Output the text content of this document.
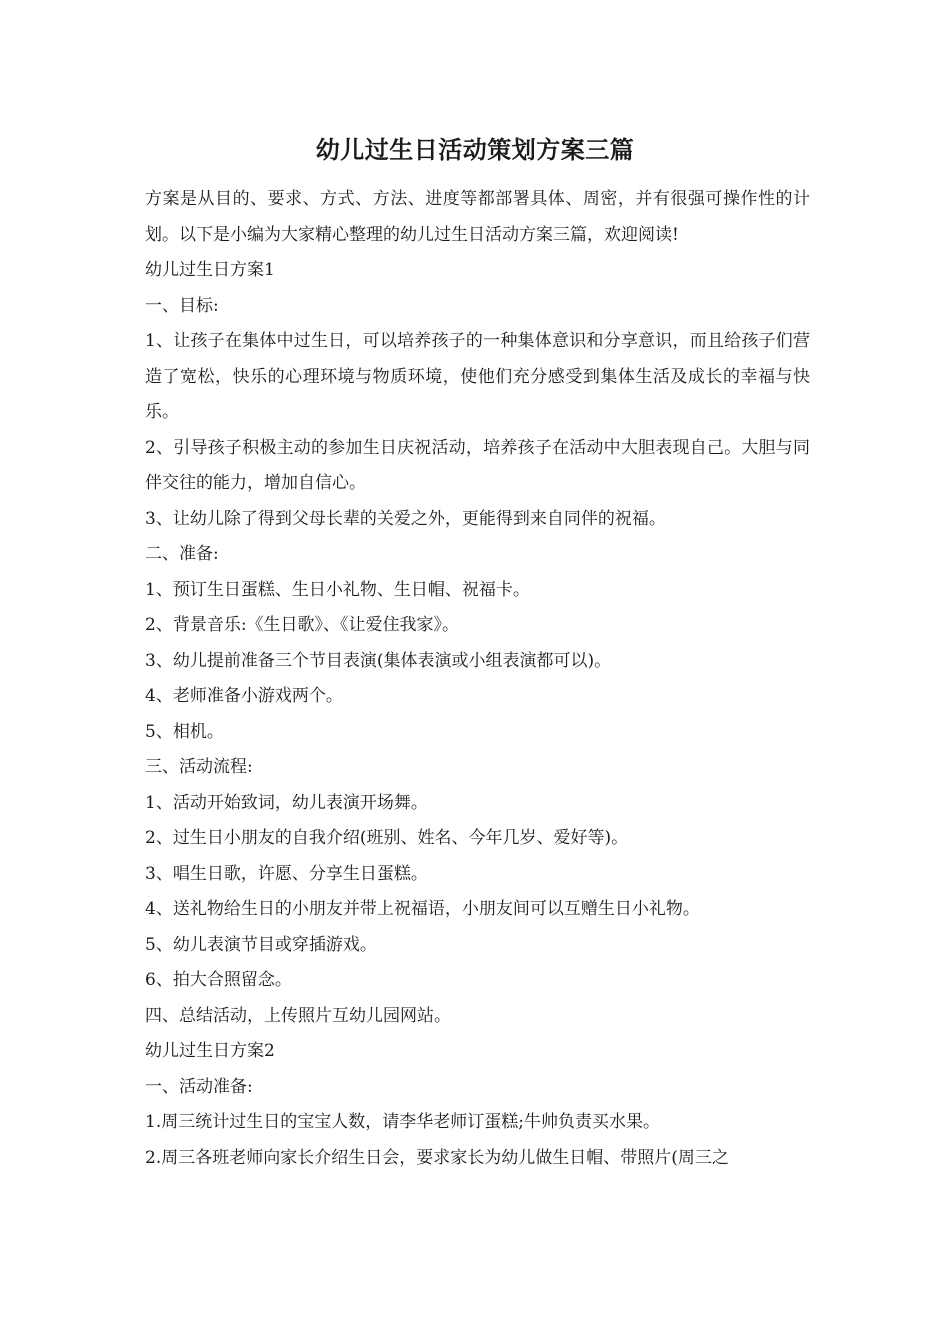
幼儿过生日活动策划方案三篇

方案是从目的、要求、方式、方法、进度等都部署具体、周密，并有很强可操作性的计划。以下是小编为大家精心整理的幼儿过生日活动方案三篇，欢迎阅读!

幼儿过生日方案1

一、目标:

1、让孩子在集体中过生日，可以培养孩子的一种集体意识和分享意识，而且给孩子们营造了宽松，快乐的心理环境与物质环境，使他们充分感受到集体生活及成长的幸福与快乐。

2、引导孩子积极主动的参加生日庆祝活动，培养孩子在活动中大胆表现自己。大胆与同伴交往的能力，增加自信心。

3、让幼儿除了得到父母长辈的关爱之外，更能得到来自同伴的祝福。

二、准备:

1、预订生日蛋糕、生日小礼物、生日帽、祝福卡。

2、背景音乐:《生日歌》、《让爱住我家》。

3、幼儿提前准备三个节目表演(集体表演或小组表演都可以)。

4、老师准备小游戏两个。

5、相机。

三、活动流程:

1、活动开始致词，幼儿表演开场舞。

2、过生日小朋友的自我介绍(班别、姓名、今年几岁、爱好等)。

3、唱生日歌，许愿、分享生日蛋糕。

4、送礼物给生日的小朋友并带上祝福语，小朋友间可以互赠生日小礼物。

5、幼儿表演节目或穿插游戏。

6、拍大合照留念。

四、总结活动，上传照片互幼儿园网站。

幼儿过生日方案2

一、活动准备:

1.周三统计过生日的宝宝人数，请李华老师订蛋糕;牛帅负责买水果。

2.周三各班老师向家长介绍生日会，要求家长为幼儿做生日帽、带照片(周三之
